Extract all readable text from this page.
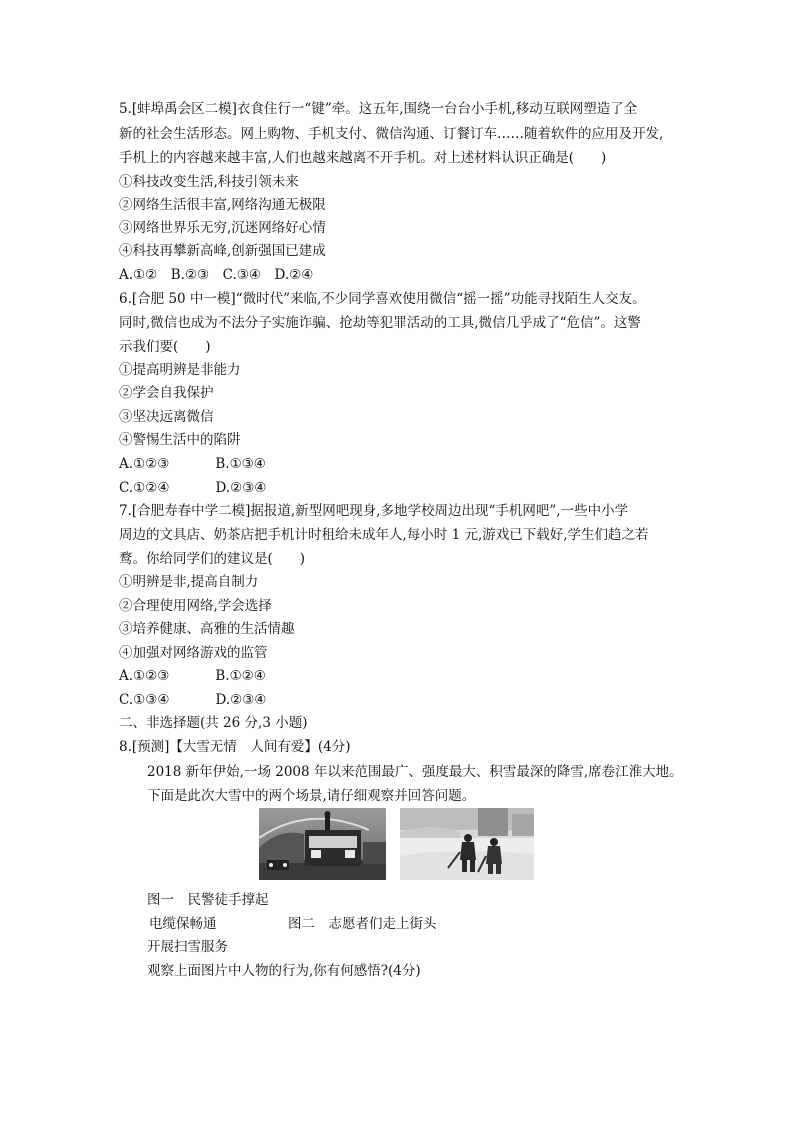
5.[蚌埠禹会区二模]衣食住行一“键”牵。这五年,围绕一台台小手机,移动互联网塑造了全
新的社会生活形态。网上购物、手机支付、微信沟通、订餐订车……随着软件的应用及开发,
手机上的内容越来越丰富,人们也越来越离不开手机。对上述材料认识正确是(　　)
①科技改变生活,科技引领未来
②网络生活很丰富,网络沟通无极限
③网络世界乐无穷,沉迷网络好心情
④科技再攀新高峰,创新强国已建成
A.①②　B.②③　C.③④　D.②④
6.[合肥 50 中一模]“微时代”来临,不少同学喜欢使用微信“摇一摇”功能寻找陌生人交友。
同时,微信也成为不法分子实施诈骗、抢劫等犯罪活动的工具,微信几乎成了“危信”。这警
示我们要(　　)
①提高明辨是非能力
②学会自我保护
③坚决远离微信
④警惕生活中的陷阱
A.①②③	B.①③④
C.①②④	D.②③④
7.[合肥寿春中学二模]据报道,新型网吧现身,多地学校周边出现“手机网吧”,一些中小学
周边的文具店、奶茶店把手机计时租给未成年人,每小时 1 元,游戏已下载好,学生们趋之若
鹜。你给同学们的建议是(　　)
①明辨是非,提高自制力
②合理使用网络,学会选择
③培养健康、高雅的生活情趣
④加强对网络游戏的监管
A.①②③	B.①②④
C.①③④	D.②③④
二、非选择题(共 26 分,3 小题)
8.[预测]【大雪无情　人间有爱】(4分)
2018 新年伊始,一场 2008 年以来范围最广、强度最大、积雪最深的降雪,席卷江淮大地。
下面是此次大雪中的两个场景,请仔细观察并回答问题。
图一　民警徒手撑起
电缆保畅通	图二　志愿者们走上街头
开展扫雪服务
观察上面图片中人物的行为,你有何感悟?(4分)
